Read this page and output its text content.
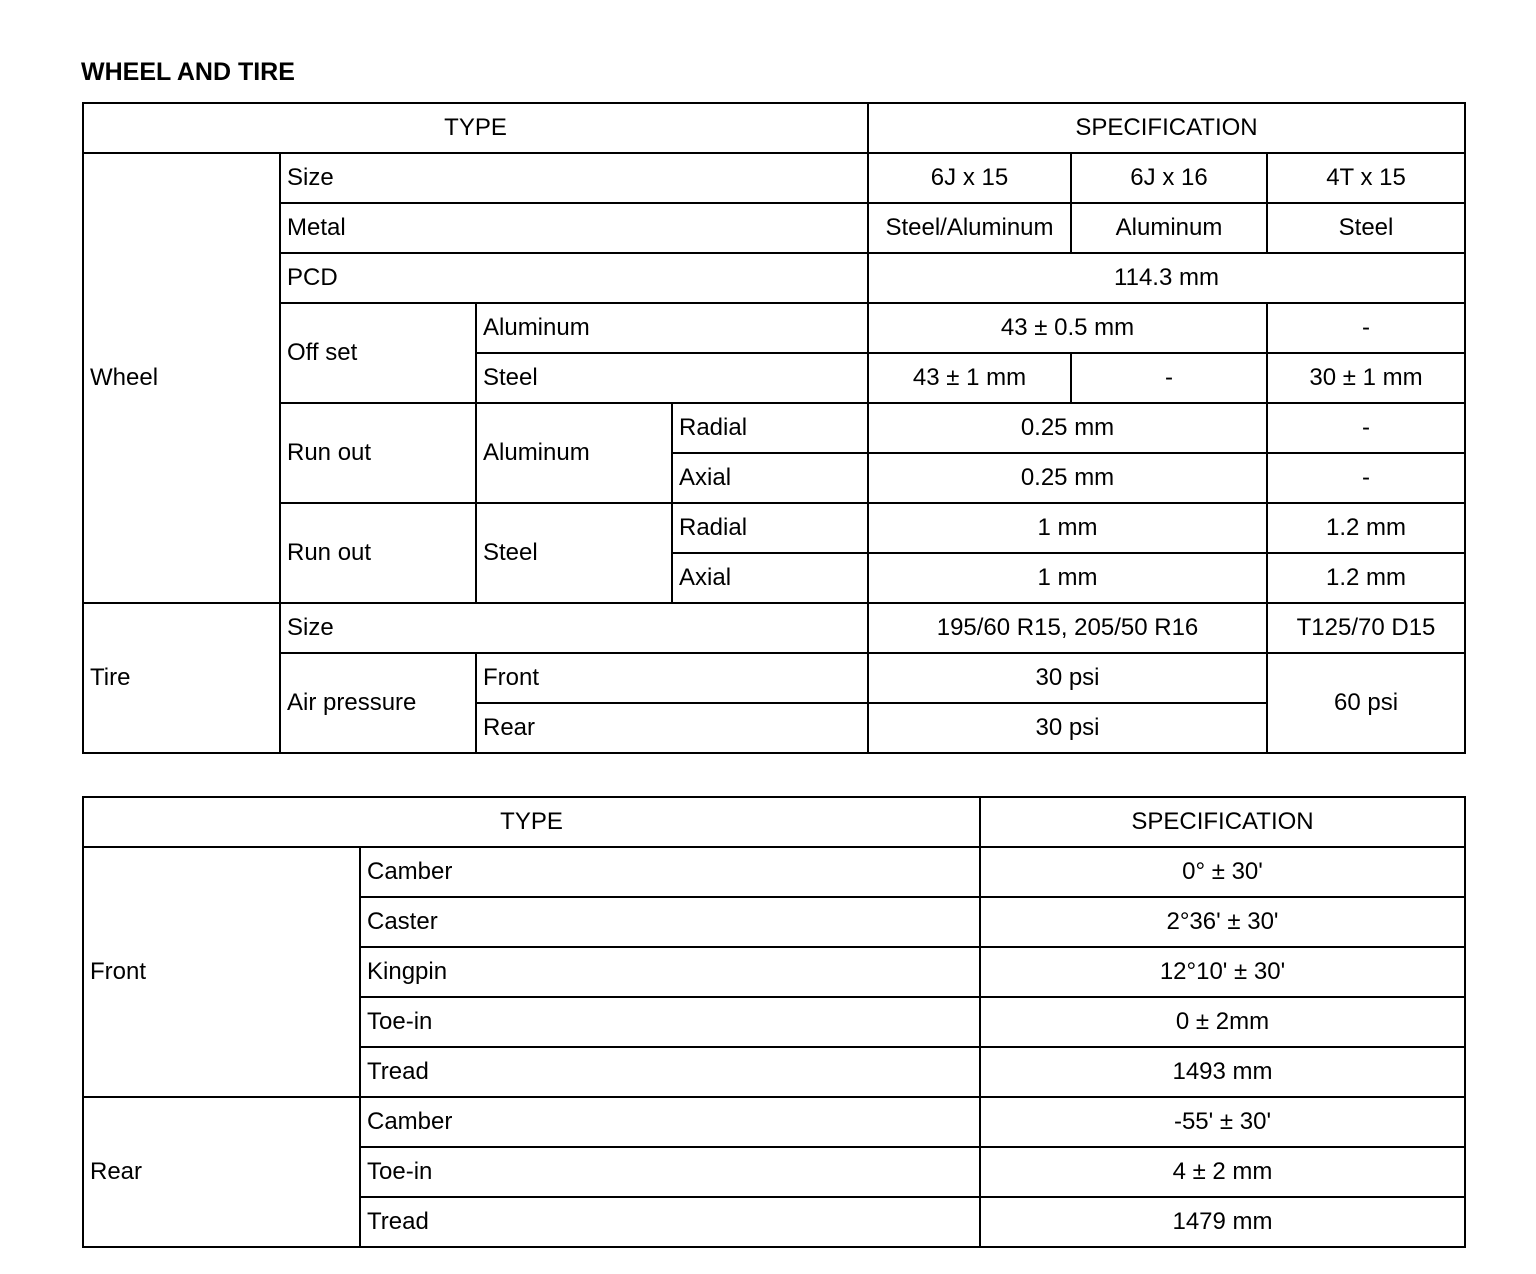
WHEEL AND TIRE
TYPE				SPECIFICATION		
Wheel	Size			6J x 15	6J x 16	4T x 15
	Metal			Steel/Aluminum	Aluminum	Steel
	PCD			114.3 mm		
	Off set	Aluminum		43 ± 0.5 mm		-
		Steel		43 ± 1 mm	-	30 ± 1 mm
	Run out	Aluminum	Radial	0.25 mm		-
			Axial	0.25 mm		-
	Run out	Steel	Radial	1 mm		1.2 mm
			Axial	1 mm		1.2 mm
Tire	Size			195/60 R15, 205/50 R16		T125/70 D15
	Air pressure	Front		30 psi		60 psi
		Rear		30 psi		
TYPE		SPECIFICATION
Front	Camber	0° ± 30'
	Caster	2°36' ± 30'
	Kingpin	12°10' ± 30'
	Toe-in	0 ± 2mm
	Tread	1493 mm
Rear	Camber	-55' ± 30'
	Toe-in	4 ± 2 mm
	Tread	1479 mm
